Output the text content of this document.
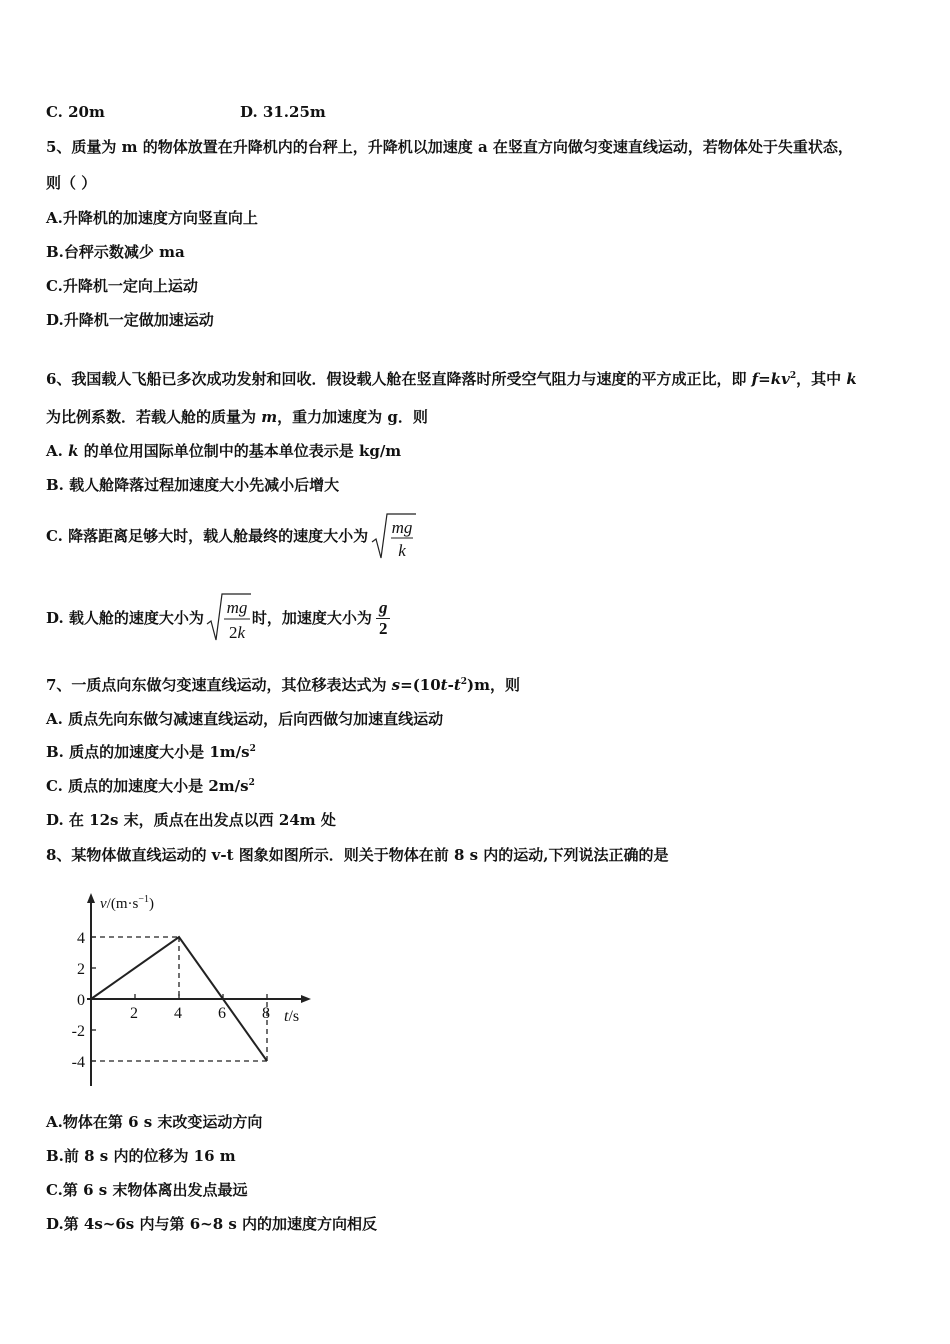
C. 20m	D. 31.25m
5、质量为 m 的物体放置在升降机内的台秤上，升降机以加速度 a 在竖直方向做匀变速直线运动，若物体处于失重状态，
则（ ）
A.升降机的加速度方向竖直向上
B.台秤示数减少 ma
C.升降机一定向上运动
D.升降机一定做加速运动
6、我国载人飞船已多次成功发射和回收．假设载人舱在竖直降落时所受空气阻力与速度的平方成正比，即 $f=kv^2$，其中 k
为比例系数．若载人舱的质量为 m，重力加速度为 g．则
A. k 的单位用国际单位制中的基本单位表示是 kg/m
B. 载人舱降落过程加速度大小先减小后增大
C. 降落距离足够大时，载人舱最终的速度大小为 mg
k
D. 载人舱的速度大小为
mg
2k
时，加速度大小为 $\frac{g}{2}$
7、一质点向东做匀变速直线运动，其位移表达式为 $s=(10t-t^2)m$，则
A. 质点先向东做匀减速直线运动，后向西做匀加速直线运动
B. 质点的加速度大小是 $1m/s^2$
C. 质点的加速度大小是 $2m/s^2$
D. 在 12s 末，质点在出发点以西 24m 处
8、某物体做直线运动的 v-t 图象如图所示．则关于物体在前 8 s 内的运动,下列说法正确的是
2 4 6 8
4
2
0
-2
-4
$v/(m\cdot s^{-1})$
t/s
A.物体在第 6 s 末改变运动方向
B.前 8 s 内的位移为 16 m
C.第 6 s 末物体离出发点最远
D.第 4s~6s 内与第 6~8 s 内的加速度方向相反
